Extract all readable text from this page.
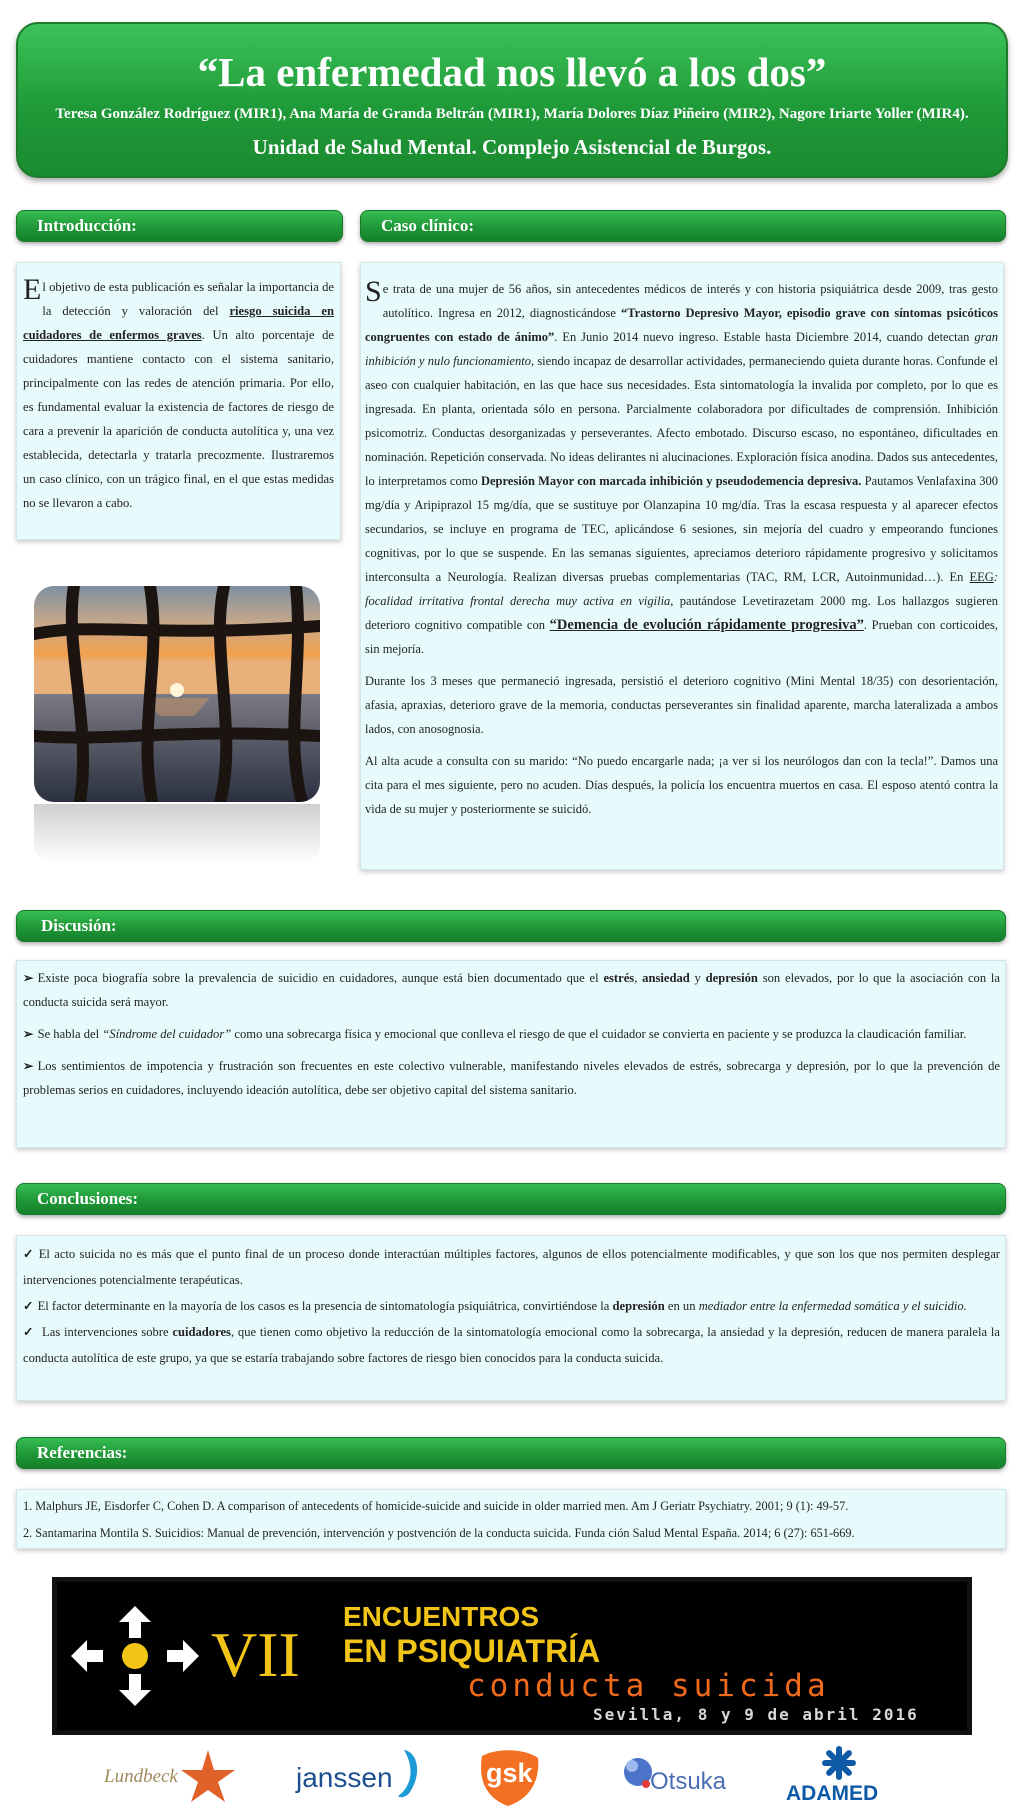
“La enfermedad nos llevó a los dos”
Teresa González Rodríguez (MIR1), Ana María de Granda Beltrán (MIR1), María Dolores Díaz Piñeiro (MIR2), Nagore Iriarte Yoller (MIR4).
Unidad de Salud Mental. Complejo Asistencial de Burgos.
Introducción:
El objetivo de esta publicación es señalar la importancia de la detección y valoración del riesgo suicida en cuidadores de enfermos graves. Un alto porcentaje de cuidadores mantiene contacto con el sistema sanitario, principalmente con las redes de atención primaria. Por ello, es fundamental evaluar la existencia de factores de riesgo de cara a prevenir la aparición de conducta autolítica y, una vez establecida, detectarla y tratarla precozmente. Ilustraremos un caso clínico, con un trágico final, en el que estas medidas no se llevaron a cabo.
Caso clínico:

Se trata de una mujer de 56 años, sin antecedentes médicos de interés y con historia psiquiátrica desde 2009, tras gesto autolítico. Ingresa en 2012, diagnosticándose “Trastorno Depresivo Mayor, episodio grave con síntomas psicóticos congruentes con estado de ánimo”. En Junio 2014 nuevo ingreso. Estable hasta Diciembre 2014, cuando detectan gran inhibición y nulo funcionamiento, siendo incapaz de desarrollar actividades, permaneciendo quieta durante horas. Confunde el aseo con cualquier habitación, en las que hace sus necesidades. Esta sintomatología la invalida por completo, por lo que es ingresada. En planta, orientada sólo en persona. Parcialmente colaboradora por dificultades de comprensión. Inhibición psicomotriz. Conductas desorganizadas y perseverantes. Afecto embotado. Discurso escaso, no espontáneo, dificultades en nominación. Repetición conservada. No ideas delirantes ni alucinaciones. Exploración física anodina. Dados sus antecedentes, lo interpretamos como Depresión Mayor con marcada inhibición y pseudodemencia depresiva. Pautamos Venlafaxina 300 mg/día y Aripiprazol 15 mg/día, que se sustituye por Olanzapina 10 mg/día. Tras la escasa respuesta y al aparecer efectos secundarios, se incluye en programa de TEC, aplicándose 6 sesiones, sin mejoría del cuadro y empeorando funciones cognitivas, por lo que se suspende. En las semanas siguientes, apreciamos deterioro rápidamente progresivo y solicitamos interconsulta a Neurología. Realizan diversas pruebas complementarias (TAC, RM, LCR, Autoinmunidad…). En EEG: focalidad irritativa frontal derecha muy activa en vigilia, pautándose Levetirazetam 2000 mg. Los hallazgos sugieren deterioro cognitivo compatible con “Demencia de evolución rápidamente progresiva”. Prueban con corticoides, sin mejoría.

Durante los 3 meses que permaneció ingresada, persistió el deterioro cognitivo (Mini Mental 18/35) con desorientación, afasia, apraxias, deterioro grave de la memoria, conductas perseverantes sin finalidad aparente, marcha lateralizada a ambos lados, con anosognosia.

Al alta acude a consulta con su marido: “No puedo encargarle nada; ¡a ver si los neurólogos dan con la tecla!”. Damos una cita para el mes siguiente, pero no acuden. Días después, la policía los encuentra muertos en casa. El esposo atentó contra la vida de su mujer y posteriormente se suicidó.

Discusión:
➢ Existe poca biografía sobre la prevalencia de suicidio en cuidadores, aunque está bien documentado que el estrés, ansiedad y depresión son elevados, por lo que la asociación con la conducta suicida será mayor.
➢ Se habla del “Síndrome del cuidador” como una sobrecarga física y emocional que conlleva el riesgo de que el cuidador se convierta en paciente y se produzca la claudicación familiar.
➢ Los sentimientos de impotencia y frustración son frecuentes en este colectivo vulnerable, manifestando niveles elevados de estrés, sobrecarga y depresión, por lo que la prevención de problemas serios en cuidadores, incluyendo ideación autolítica, debe ser objetivo capital del sistema sanitario.
Conclusiones:
✓ El acto suicida no es más que el punto final de un proceso donde interactúan múltiples factores, algunos de ellos potencialmente modificables, y que son los que nos permiten desplegar intervenciones potencialmente terapéuticas.
✓ El factor determinante en la mayoría de los casos es la presencia de sintomatología psiquiátrica, convirtiéndose la depresión en un mediador entre la enfermedad somática y el suicidio.
✓ Las intervenciones sobre cuidadores, que tienen como objetivo la reducción de la sintomatología emocional como la sobrecarga, la ansiedad y la depresión, reducen de manera paralela la conducta autolítica de este grupo, ya que se estaría trabajando sobre factores de riesgo bien conocidos para la conducta suicida.
Referencias:
1. Malphurs JE, Eisdorfer C, Cohen D. A comparison of antecedents of homicide-suicide and suicide in older married men. Am J Geriatr Psychiatry. 2001; 9 (1): 49-57.
2. Santamarina Montila S. Suicidios: Manual de prevención, intervención y postvención de la conducta suicida. Funda ción Salud Mental España. 2014; 6 (27): 651-669.
VII
ENCUENTROS
EN PSIQUIATRÍA
conducta suicida
Sevilla, 8 y 9 de abril 2016
Lundbeck	janssen	gsk	Otsuka	ADAMED
